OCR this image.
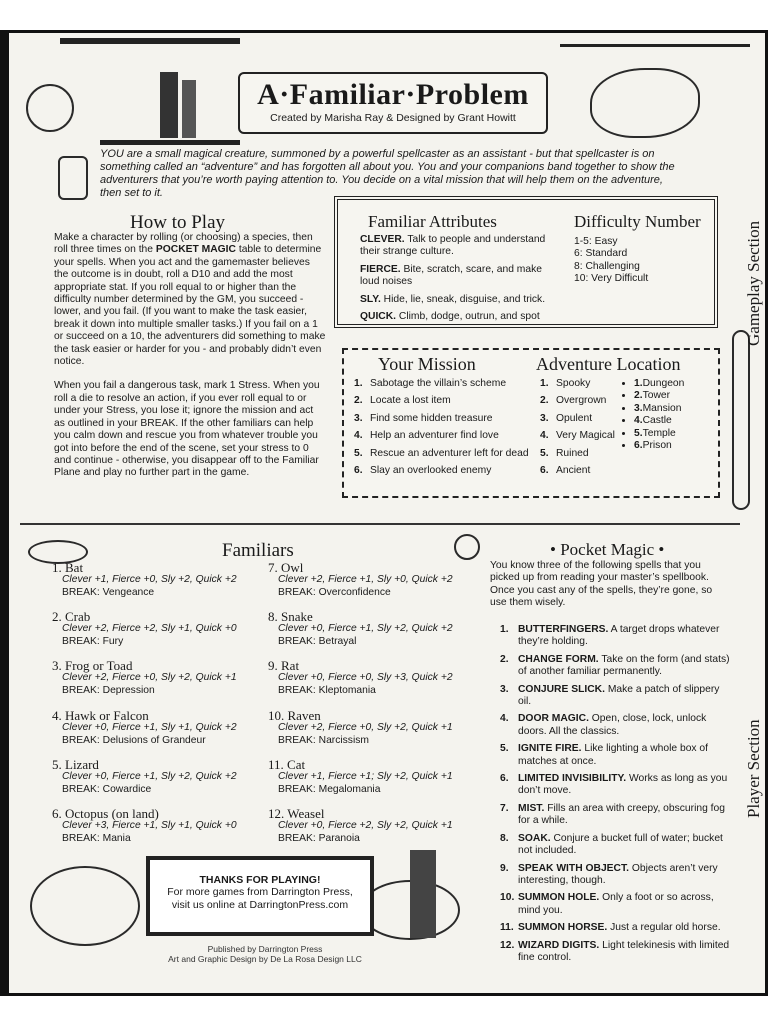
A·Familiar·Problem
Created by Marisha Ray & Designed by Grant Howitt
YOU are a small magical creature, summoned by a powerful spellcaster as an assistant - but that spellcaster is on something called an “adventure” and has forgotten all about you. You and your companions band together to show the adventurers that you’re worth paying attention to. You decide on a vital mission that will help them on the adventure, then set to it.
How to Play

Make a character by rolling (or choosing) a species, then roll three times on the POCKET MAGIC table to determine your spells. When you act and the gamemaster believes the outcome is in doubt, roll a D10 and add the most appropriate stat. If you roll equal to or higher than the difficulty number determined by the GM, you succeed - lower, and you fail. (If you want to make the task easier, break it down into multiple smaller tasks.) If you fail on a 1 or succeed on a 10, the adventurers did something to make the task easier or harder for you - and probably didn’t even notice.

When you fail a dangerous task, mark 1 Stress. When you roll a die to resolve an action, if you ever roll equal to or under your Stress, you lose it; ignore the mission and act as outlined in your BREAK. If the other familiars can help you calm down and rescue you from whatever trouble you got into before the end of the scene, set your stress to 0 and continue - otherwise, you disappear off to the Familiar Plane and play no further part in the game.

Familiar Attributes
CLEVER. Talk to people and understand their strange culture.
FIERCE. Bite, scratch, scare, and make loud noises
SLY. Hide, lie, sneak, disguise, and trick.
QUICK. Climb, dodge, outrun, and spot
Difficulty Number
1-5: Easy
6: Standard
8: Challenging
10: Very Difficult
Your Mission
1. Sabotage the villain’s scheme
2. Locate a lost item
3. Find some hidden treasure
4. Help an adventurer find love
5. Rescue an adventurer left for dead
6. Slay an overlooked enemy
Adventure Location
1. Spooky
2. Overgrown
3. Opulent
4. Very Magical
5. Ruined
6. Ancient
• 1.Dungeon
• 2.Tower
• 3.Mansion
• 4.Castle
• 5.Temple
• 6.Prison
Familiars
1. Bat
Clever +1, Fierce +0, Sly +2, Quick +2
BREAK: Vengeance
2. Crab
Clever +2, Fierce +2, Sly +1, Quick +0
BREAK: Fury
3. Frog or Toad
Clever +2, Fierce +0, Sly +2, Quick +1
BREAK: Depression
4. Hawk or Falcon
Clever +0, Fierce +1, Sly +1, Quick +2
BREAK: Delusions of Grandeur
5. Lizard
Clever +0, Fierce +1, Sly +2, Quick +2
BREAK: Cowardice
6. Octopus (on land)
Clever +3, Fierce +1, Sly +1, Quick +0
BREAK: Mania
7. Owl
Clever +2, Fierce +1, Sly +0, Quick +2
BREAK: Overconfidence
8. Snake
Clever +0, Fierce +1, Sly +2, Quick +2
BREAK: Betrayal
9. Rat
Clever +0, Fierce +0, Sly +3, Quick +2
BREAK: Kleptomania
10. Raven
Clever +2, Fierce +0, Sly +2, Quick +1
BREAK: Narcissism
11. Cat
Clever +1, Fierce +1; Sly +2, Quick +1
BREAK: Megalomania
12. Weasel
Clever +0, Fierce +2, Sly +2, Quick +1
BREAK: Paranoia
• Pocket Magic •
You know three of the following spells that you picked up from reading your master’s spellbook. Once you cast any of the spells, they’re gone, so use them wisely.
1. BUTTERFINGERS. A target drops whatever they’re holding.
2. CHANGE FORM. Take on the form (and stats) of another familiar permanently.
3. CONJURE SLICK. Make a patch of slippery oil.
4. DOOR MAGIC. Open, close, lock, unlock doors. All the classics.
5. IGNITE FIRE. Like lighting a whole box of matches at once.
6. LIMITED INVISIBILITY. Works as long as you don’t move.
7. MIST. Fills an area with creepy, obscuring fog for a while.
8. SOAK. Conjure a bucket full of water; bucket not included.
9. SPEAK WITH OBJECT. Objects aren’t very interesting, though.
10. SUMMON HOLE. Only a foot or so across, mind you.
11. SUMMON HORSE. Just a regular old horse.
12. WIZARD DIGITS. Light telekinesis with limited fine control.
THANKS FOR PLAYING!
For more games from Darrington Press,
visit us online at DarringtonPress.com
Published by Darrington Press
Art and Graphic Design by De La Rosa Design LLC
Gameplay Section
Player Section
